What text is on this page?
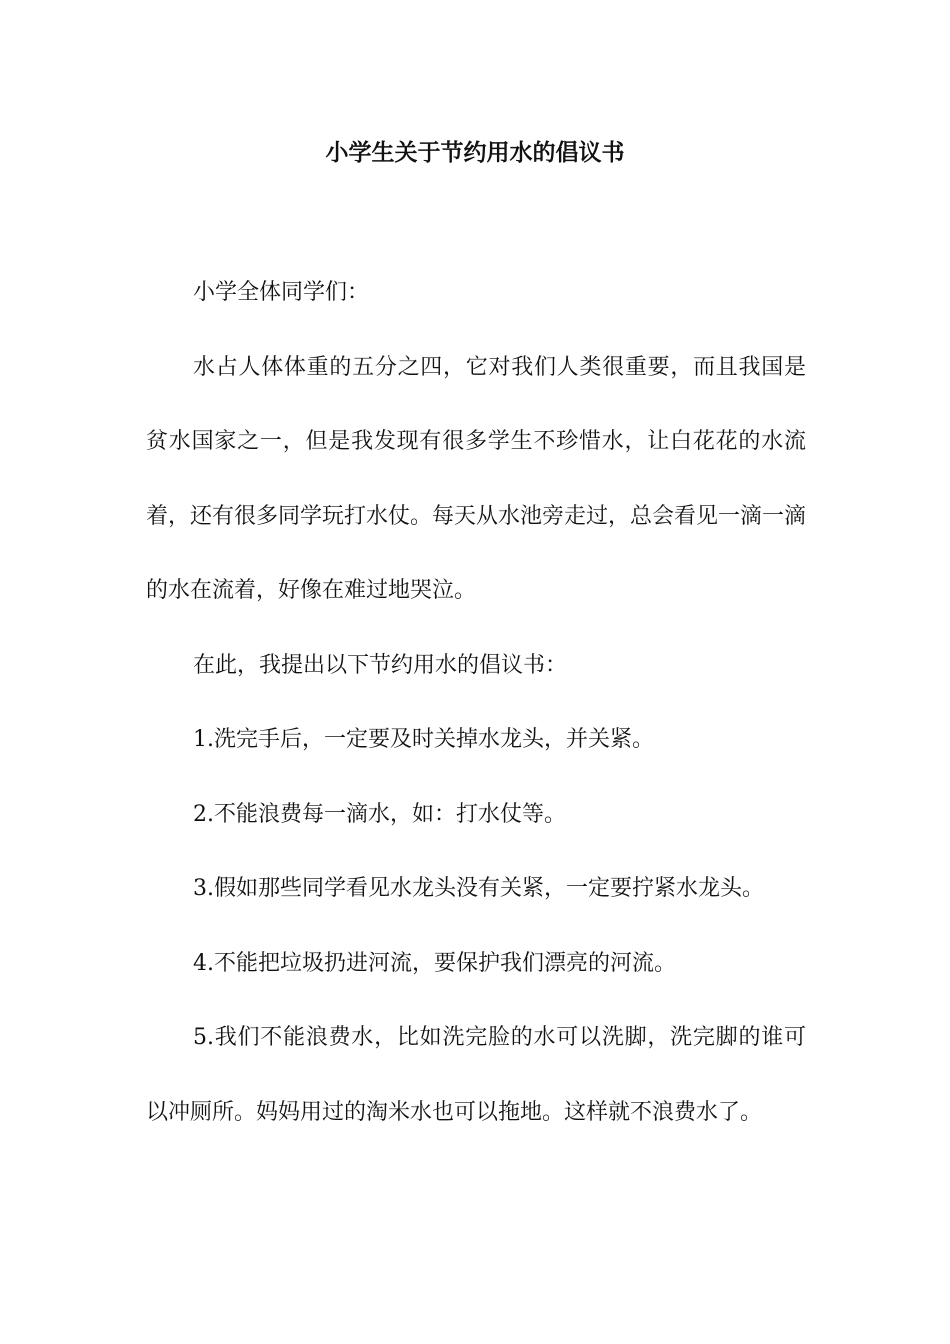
小学生关于节约用水的倡议书

小学全体同学们：

水占人体体重的五分之四，它对我们人类很重要，而且我国是贫水国家之一，但是我发现有很多学生不珍惜水，让白花花的水流着，还有很多同学玩打水仗。每天从水池旁走过，总会看见一滴一滴的水在流着，好像在难过地哭泣。

在此，我提出以下节约用水的倡议书：

1.洗完手后，一定要及时关掉水龙头，并关紧。

2.不能浪费每一滴水，如：打水仗等。

3.假如那些同学看见水龙头没有关紧，一定要拧紧水龙头。

4.不能把垃圾扔进河流，要保护我们漂亮的河流。

5.我们不能浪费水，比如洗完脸的水可以洗脚，洗完脚的谁可以冲厕所。妈妈用过的淘米水也可以拖地。这样就不浪费水了。
